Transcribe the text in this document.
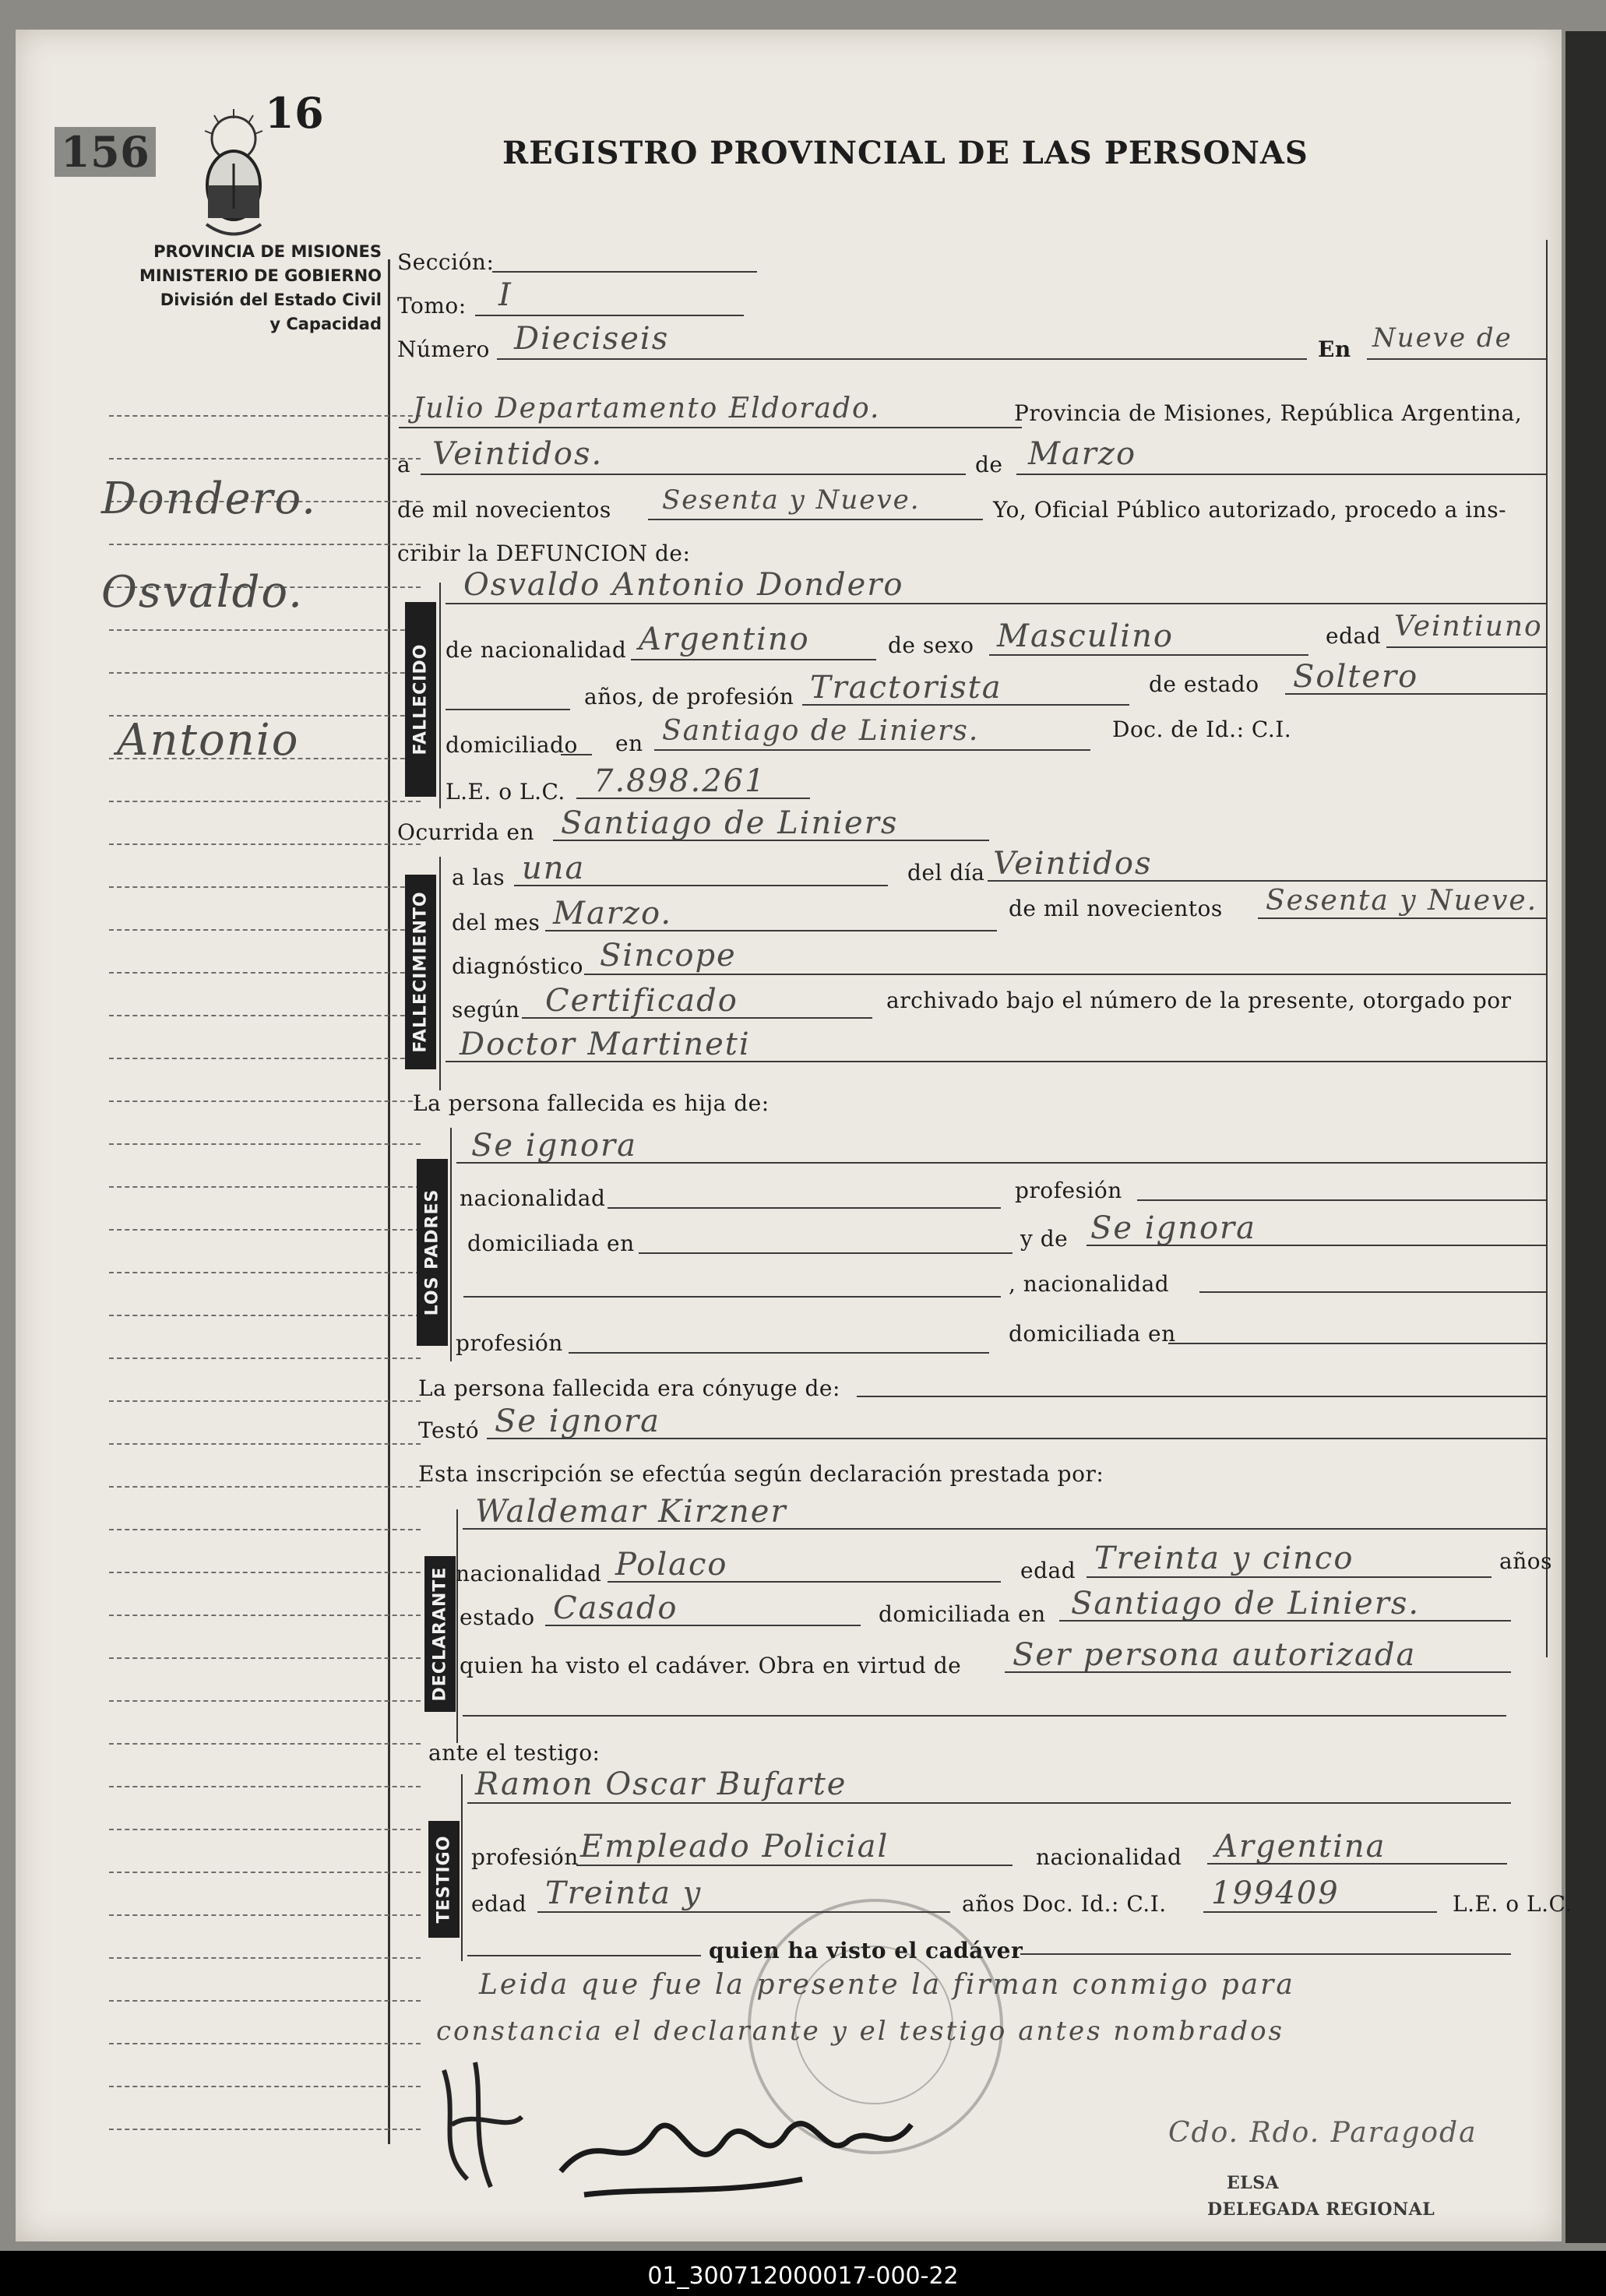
156
16
REGISTRO PROVINCIAL DE LAS PERSONAS
PROVINCIA DE MISIONES
MINISTERIO DE GOBIERNO
División del Estado Civil
y Capacidad
Dondero.
Osvaldo.
Antonio
Sección:
Tomo: I
Número Dieciseis	En Nueve de
Julio Departamento Eldorado.	Provincia de Misiones, República Argentina,
a Veintidos.	de Marzo
de mil novecientos Sesenta y Nueve.	Yo, Oficial Público autorizado, procedo a ins-
cribir la DEFUNCION de:
FALLECIDO
Osvaldo Antonio Dondero
de nacionalidad Argentino	de sexo Masculino	edad Veintiuno
años, de profesión Tractorista	de estado Soltero
domiciliado en Santiago de Liniers.	Doc. de Id.: C.I.
L.E. o L.C. 7.898.261
Ocurrida en Santiago de Liniers
FALLECIMIENTO
a las una	del día Veintidos
del mes Marzo.	de mil novecientos Sesenta y Nueve.
diagnóstico Sincope
según Certificado	archivado bajo el número de la presente, otorgado por
Doctor Martineti
La persona fallecida es hija de:
LOS PADRES
Se ignora
nacionalidad	profesión
domiciliada en	y de Se ignora
, nacionalidad
profesión	domiciliada en
La persona fallecida era cónyuge de:
Testó Se ignora
Esta inscripción se efectúa según declaración prestada por:
DECLARANTE
Waldemar Kirzner
nacionalidad Polaco	edad Treinta y cinco	años
estado Casado	domiciliada en Santiago de Liniers.
quien ha visto el cadáver. Obra en virtud de Ser persona autorizada
ante el testigo:
TESTIGO
Ramon Oscar Bufarte
profesión Empleado Policial	nacionalidad Argentina
edad Treinta y	años Doc. Id.: C.I. 199409	L.E. o L.C.
quien ha visto el cadáver
Leida que fue la presente la firman conmigo para
constancia el declarante y el testigo antes nombrados
Cdo. Rdo. Paragoda
ELSA
DELEGADA REGIONAL
01_300712000017-000-22
